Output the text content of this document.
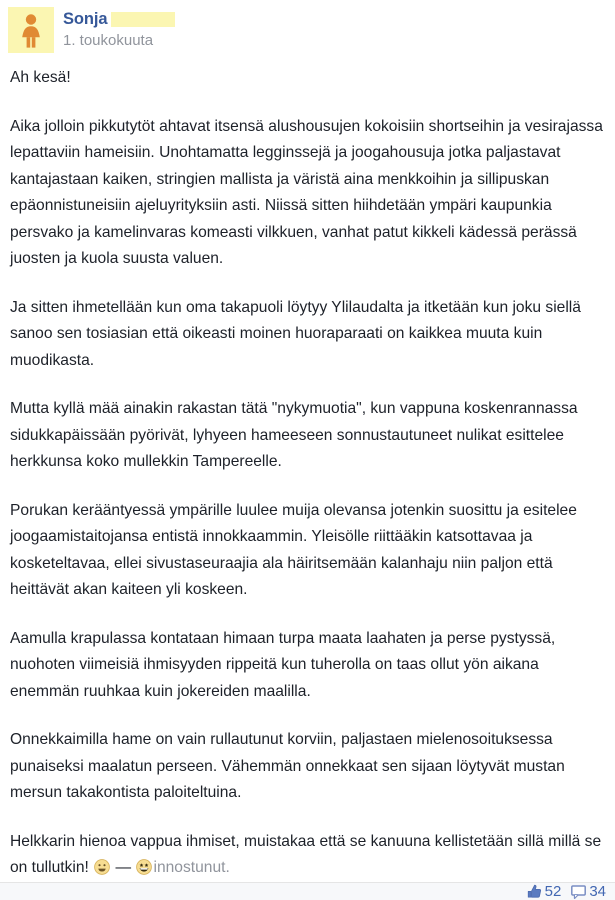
Sonja
1. toukokuuta

Ah kesä!

Aika jolloin pikkutytöt ahtavat itsensä alushousujen kokoisiin shortseihin ja vesirajassa lepattaviin hameisiin. Unohtamatta legginssejä ja joogahousuja jotka paljastavat kantajastaan kaiken, stringien mallista ja väristä aina menkkoihin ja sillipuskan epäonnistuneisiin ajeluyrityksiin asti. Niissä sitten hiihdetään ympäri kaupunkia persvako ja kamelinvaras komeasti vilkkuen, vanhat patut kikkeli kädessä perässä juosten ja kuola suusta valuen.

Ja sitten ihmetellään kun oma takapuoli löytyy Ylilaudalta ja itketään kun joku siellä sanoo sen tosiasian että oikeasti moinen huoraparaati on kaikkea muuta kuin muodikasta.

Mutta kyllä mää ainakin rakastan tätä "nykymuotia", kun vappuna koskenrannassa sidukkapäissään pyörivät, lyhyeen hameeseen sonnustautuneet nulikat esittelee herkkunsa koko mullekkin Tampereelle.

Porukan kerääntyessä ympärille luulee muija olevansa jotenkin suosittu ja esitelee joogaamistaitojansa entistä innokkaammin. Yleisölle riittääkin katsottavaa ja kosketeltavaa, ellei sivustaseuraajia ala häiritsemään kalanhaju niin paljon että heittävät akan kaiteen yli koskeen.

Aamulla krapulassa kontataan himaan turpa maata laahaten ja perse pystyssä, nuohoten viimeisiä ihmisyyden rippeitä kun tuherolla on taas ollut yön aikana enemmän ruuhkaa kuin jokereiden maalilla.

Onnekkaimilla hame on vain rullautunut korviin, paljastaen mielenosoituksessa punaiseksi maalatun perseen. Vähemmän onnekkaat sen sijaan löytyvät mustan mersun takakontista paloiteltuina.

Helkkarin hienoa vappua ihmiset, muistakaa että se kanuuna kellistetään sillä millä se on tullutkin!
—
innostunut.

52 34
